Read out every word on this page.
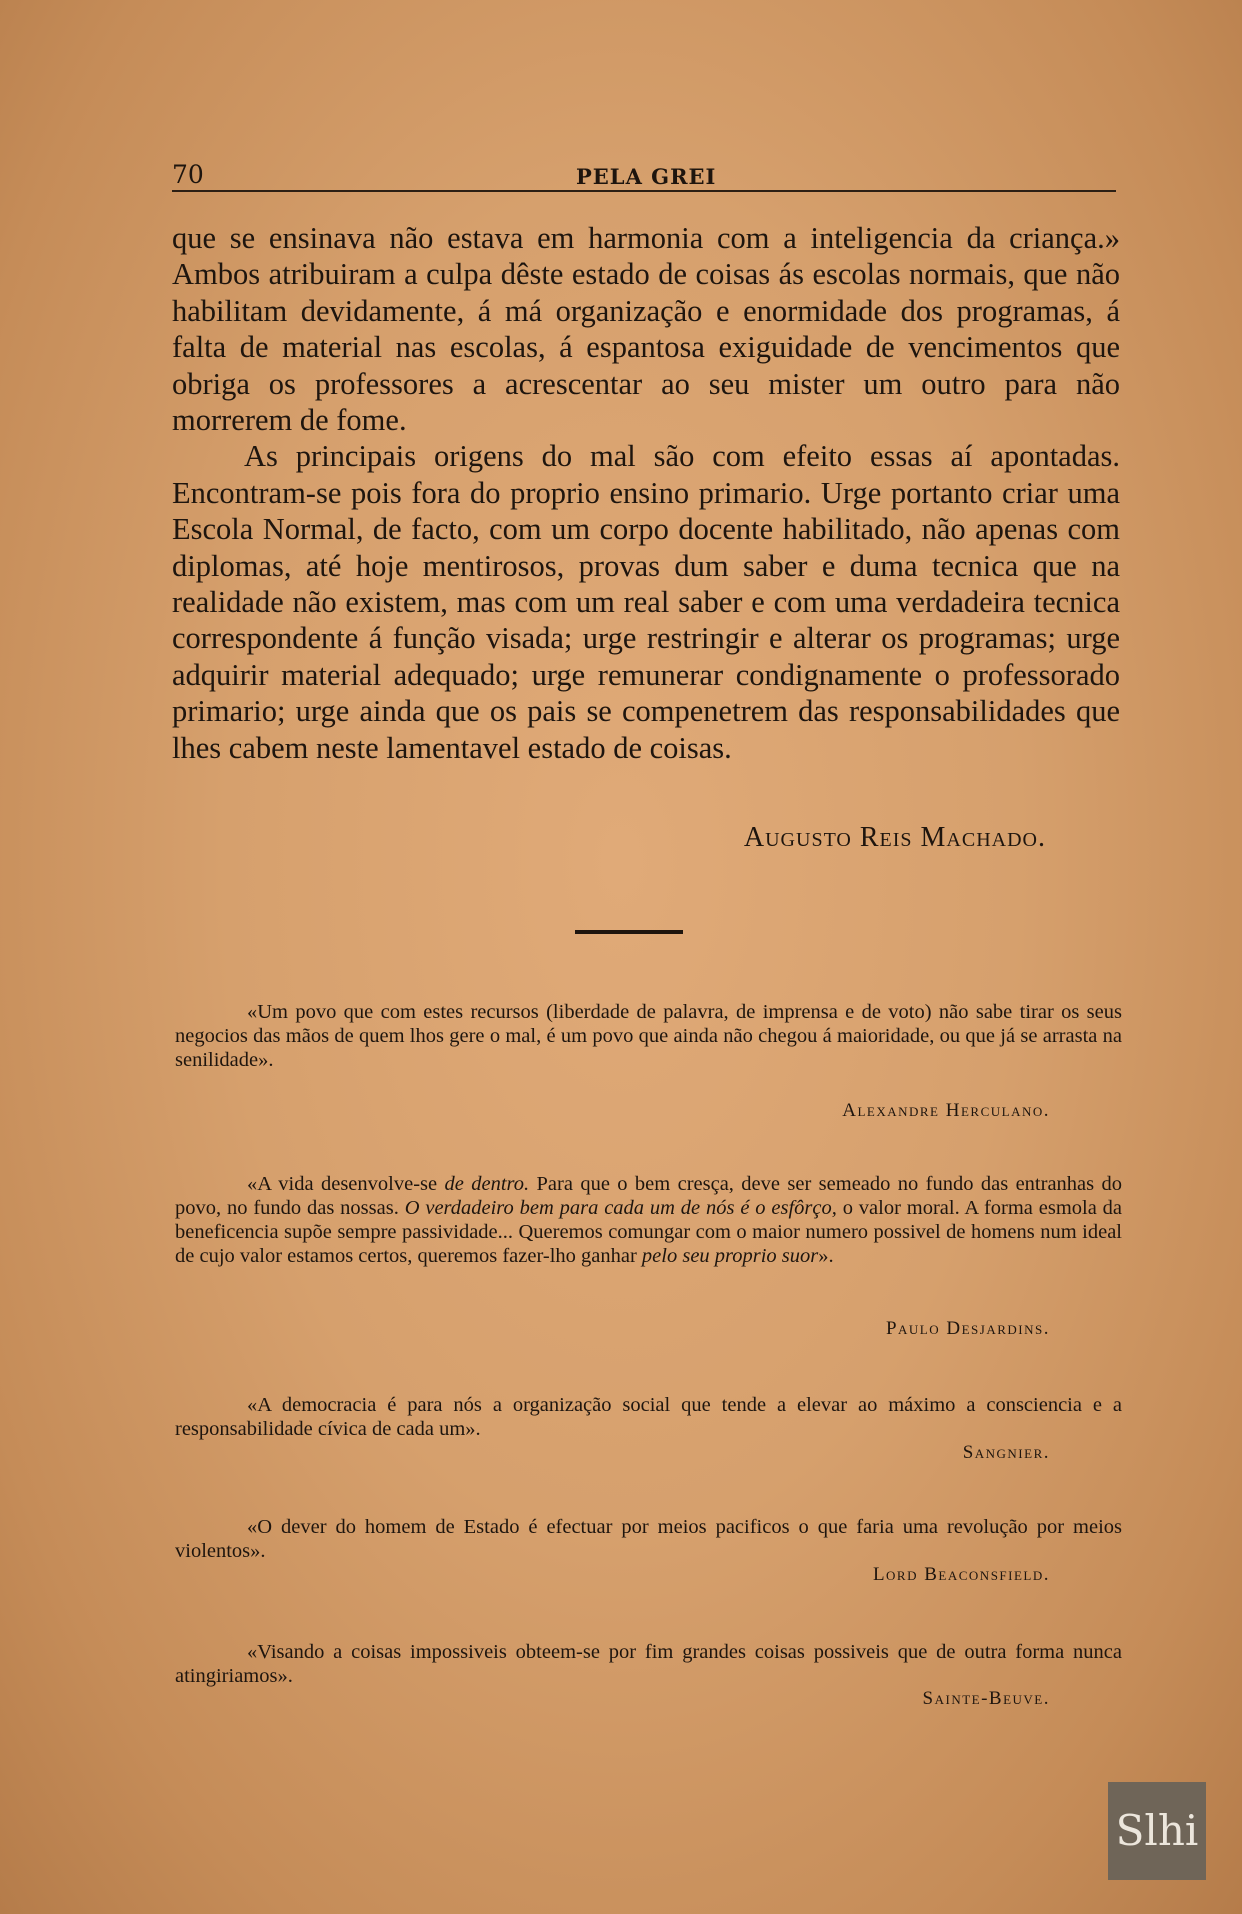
70	PELA GREI

que se ensinava não estava em harmonia com a inteligencia da criança.» Ambos atribuiram a culpa dêste estado de coisas ás escolas normais, que não habilitam devidamente, á má organização e enormidade dos programas, á falta de material nas escolas, á espantosa exiguidade de vencimentos que obriga os professores a acrescentar ao seu mister um outro para não morrerem de fome.

As principais origens do mal são com efeito essas aí apontadas. Encontram-se pois fora do proprio ensino primario. Urge portanto criar uma Escola Normal, de facto, com um corpo docente habilitado, não apenas com diplomas, até hoje mentirosos, provas dum saber e duma tecnica que na realidade não existem, mas com um real saber e com uma verdadeira tecnica correspondente á função visada; urge restringir e alterar os programas; urge adquirir material adequado; urge remunerar condignamente o professorado primario; urge ainda que os pais se compenetrem das responsabilidades que lhes cabem neste lamentavel estado de coisas.

Augusto Reis Machado.

«Um povo que com estes recursos (liberdade de palavra, de imprensa e de voto) não sabe tirar os seus negocios das mãos de quem lhos gere o mal, é um povo que ainda não chegou á maioridade, ou que já se arrasta na senilidade».

Alexandre Herculano.

«A vida desenvolve-se de dentro. Para que o bem cresça, deve ser semeado no fundo das entranhas do povo, no fundo das nossas. O verdadeiro bem para cada um de nós é o esfôrço, o valor moral. A forma esmola da beneficencia supõe sempre passividade... Queremos comungar com o maior numero possivel de homens num ideal de cujo valor estamos certos, queremos fazer-lho ganhar pelo seu proprio suor».

Paulo Desjardins.

«A democracia é para nós a organização social que tende a elevar ao máximo a consciencia e a responsabilidade cívica de cada um».

Sangnier.

«O dever do homem de Estado é efectuar por meios pacificos o que faria uma revolução por meios violentos».

Lord Beaconsfield.

«Visando a coisas impossiveis obteem-se por fim grandes coisas possiveis que de outra forma nunca atingiriamos».

Sainte-Beuve.
Slhi
